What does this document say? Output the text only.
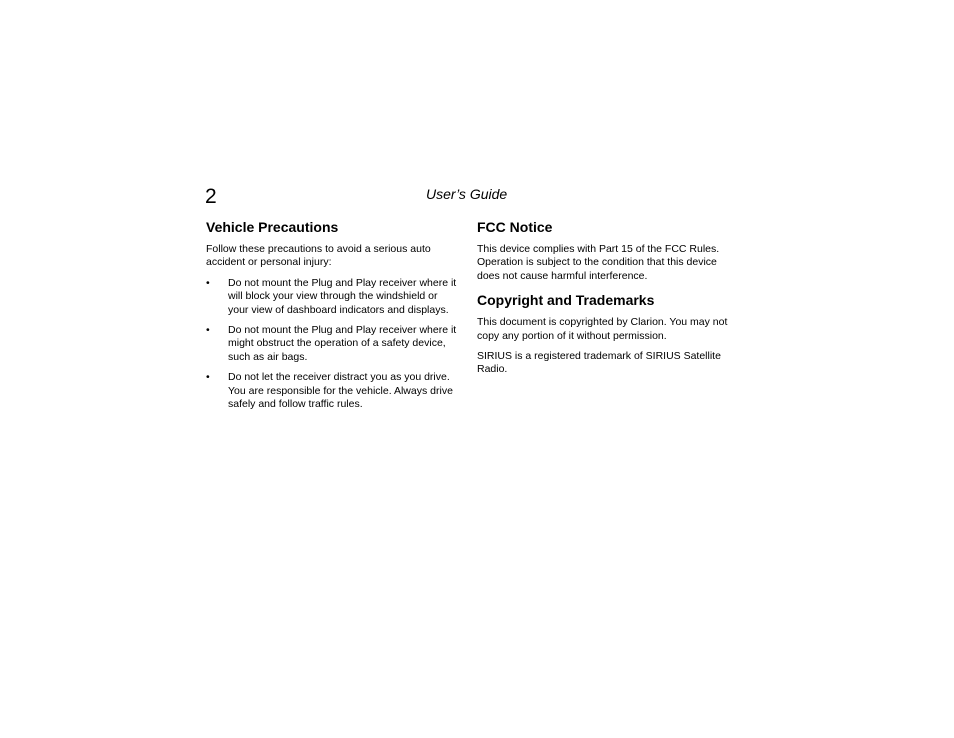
2	User’s Guide
Vehicle Precautions

Follow these precautions to avoid a serious auto accident or personal injury:

• Do not mount the Plug and Play receiver where it will block your view through the windshield or your view of dashboard indicators and displays.
• Do not mount the Plug and Play receiver where it might obstruct the operation of a safety device, such as air bags.
• Do not let the receiver distract you as you drive. You are responsible for the vehicle. Always drive safely and follow traffic rules.
FCC Notice

This device complies with Part 15 of the FCC Rules. Operation is subject to the condition that this device does not cause harmful interference.

Copyright and Trademarks

This document is copyrighted by Clarion. You may not copy any portion of it without permission.

SIRIUS is a registered trademark of SIRIUS Satellite Radio.
